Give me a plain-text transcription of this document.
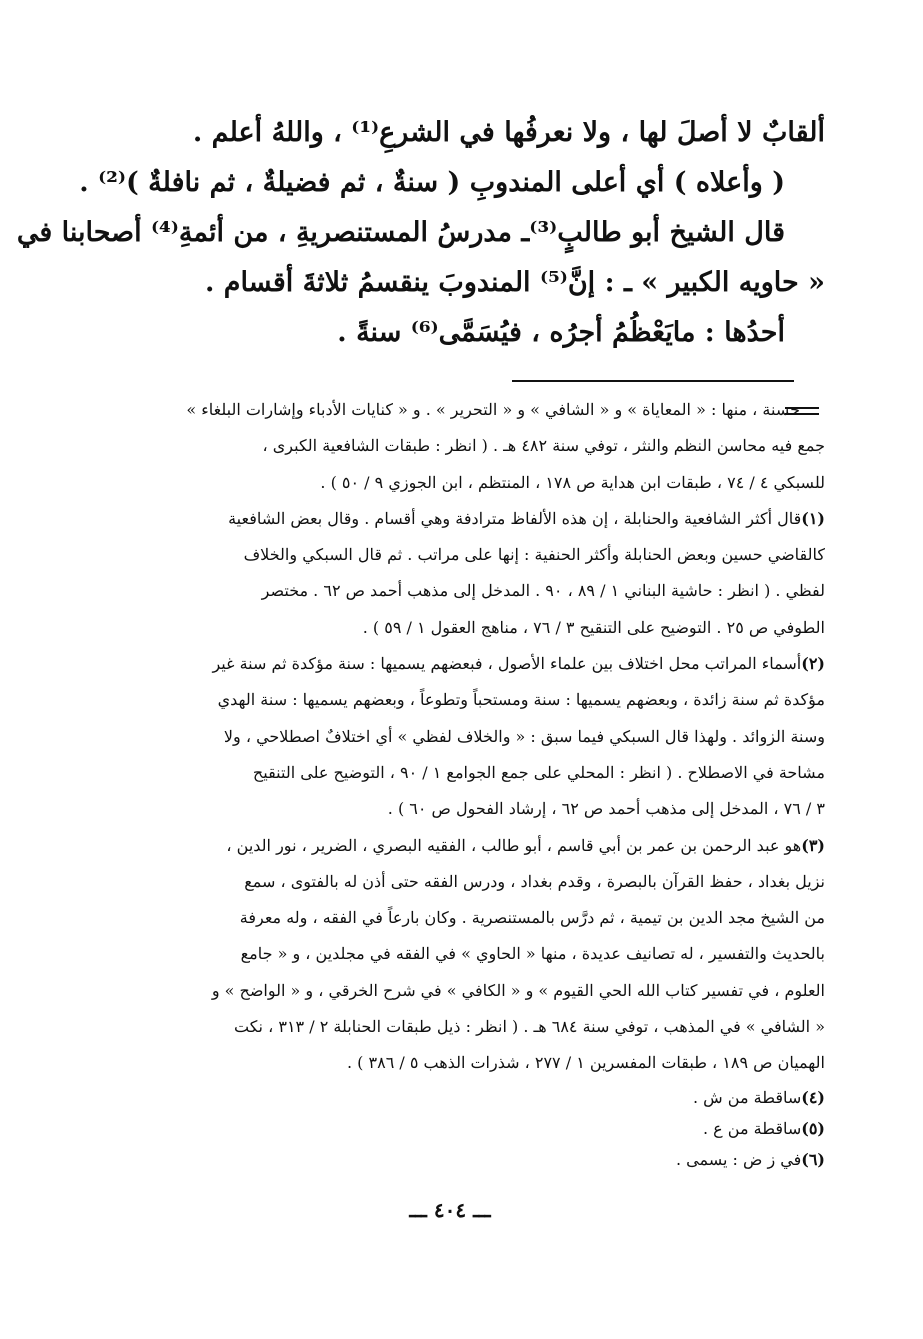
ألقابٌ لا أصلَ لها ، ولا نعرفُها في الشرعِ⁽¹⁾ ، واللهُ أعلم .
( وأعلاه ) أي أعلى المندوبِ ( سنةٌ ، ثم فضيلةٌ ، ثم نافلةٌ )⁽²⁾ .
قال الشيخ أبو طالبٍ⁽³⁾ـ مدرسُ المستنصريةِ ، من أئمةِ⁽⁴⁾ أصحابنا في
« حاويه الكبير » ـ : إنَّ⁽⁵⁾ المندوبَ ينقسمُ ثلاثةَ أقسام .
أحدُها : مايَعْظُمُ أجرُه ، فيُسَمَّى⁽⁶⁾ سنةً .
حسنة ، منها : « المعاياة » و « الشافي » و « التحرير » . و « كنايات الأدباء وإشارات البلغاء »
جمع فيه محاسن النظم والنثر ، توفي سنة ٤٨٢ هـ . ( انظر : طبقات الشافعية الكبرى ،
للسبكي ٤ / ٧٤ ، طبقات ابن هداية ص ١٧٨ ، المنتظم ، ابن الجوزي ٩ / ٥٠ ) .
(١)قال أكثر الشافعية والحنابلة ، إن هذه الألفاظ مترادفة وهي أقسام . وقال بعض الشافعية
كالقاضي حسين وبعض الحنابلة وأكثر الحنفية : إنها على مراتب . ثم قال السبكي والخلاف
لفظي . ( انظر : حاشية البناني ١ / ٨٩ ، ٩٠ . المدخل إلى مذهب أحمد ص ٦٢ . مختصر
الطوفي ص ٢٥ . التوضيح على التنقيح ٣ / ٧٦ ، مناهج العقول ١ / ٥٩ ) .
(٢)أسماء المراتب محل اختلاف بين علماء الأصول ، فبعضهم يسميها : سنة مؤكدة ثم سنة غير
مؤكدة ثم سنة زائدة ، وبعضهم يسميها : سنة ومستحباً وتطوعاً ، وبعضهم يسميها : سنة الهدي
وسنة الزوائد . ولهذا قال السبكي فيما سبق : « والخلاف لفظي » أي اختلافٌ اصطلاحي ، ولا
مشاحة في الاصطلاح . ( انظر : المحلي على جمع الجوامع ١ / ٩٠ ، التوضيح على التنقيح
٣ / ٧٦ ، المدخل إلى مذهب أحمد ص ٦٢ ، إرشاد الفحول ص ٦٠ ) .
(٣)هو عبد الرحمن بن عمر بن أبي قاسم ، أبو طالب ، الفقيه البصري ، الضرير ، نور الدين ،
نزيل بغداد ، حفظ القرآن بالبصرة ، وقدم بغداد ، ودرس الفقه حتى أذن له بالفتوى ، سمع
من الشيخ مجد الدين بن تيمية ، ثم درَّس بالمستنصرية . وكان بارعاً في الفقه ، وله معرفة
بالحديث والتفسير ، له تصانيف عديدة ، منها « الحاوي » في الفقه في مجلدين ، و « جامع
العلوم ، في تفسير كتاب الله الحي القيوم » و « الكافي » في شرح الخرقي ، و « الواضح » و
« الشافي » في المذهب ، توفي سنة ٦٨٤ هـ . ( انظر : ذيل طبقات الحنابلة ٢ / ٣١٣ ، نكت
الهميان ص ١٨٩ ، طبقات المفسرين ١ / ٢٧٧ ، شذرات الذهب ٥ / ٣٨٦ ) .
(٤)ساقطة من ش .
(٥)ساقطة من ع .
(٦)في ز ض : يسمى .
ـــ ٤٠٤ ـــ
